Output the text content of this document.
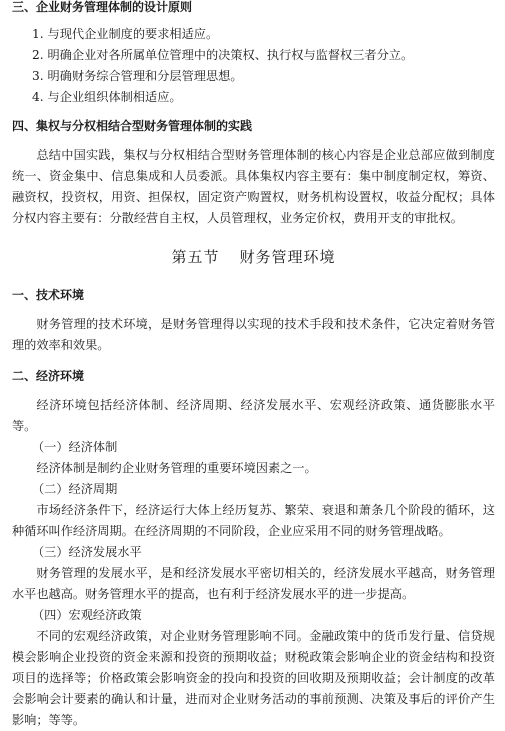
三、企业财务管理体制的设计原则

1. 与现代企业制度的要求相适应。

2. 明确企业对各所属单位管理中的决策权、执行权与监督权三者分立。

3. 明确财务综合管理和分层管理思想。

4. 与企业组织体制相适应。

四、集权与分权相结合型财务管理体制的实践

总结中国实践，集权与分权相结合型财务管理体制的核心内容是企业总部应做到制度统一、资金集中、信息集成和人员委派。具体集权内容主要有：集中制度制定权，筹资、融资权，投资权，用资、担保权，固定资产购置权，财务机构设置权，收益分配权；具体分权内容主要有：分散经营自主权，人员管理权，业务定价权，费用开支的审批权。

第五节 财务管理环境

一、技术环境

财务管理的技术环境，是财务管理得以实现的技术手段和技术条件，它决定着财务管理的效率和效果。

二、经济环境

经济环境包括经济体制、经济周期、经济发展水平、宏观经济政策、通货膨胀水平等。

（一）经济体制

经济体制是制约企业财务管理的重要环境因素之一。

（二）经济周期

市场经济条件下，经济运行大体上经历复苏、繁荣、衰退和萧条几个阶段的循环，这种循环叫作经济周期。在经济周期的不同阶段，企业应采用不同的财务管理战略。

（三）经济发展水平

财务管理的发展水平，是和经济发展水平密切相关的，经济发展水平越高，财务管理水平也越高。财务管理水平的提高，也有利于经济发展水平的进一步提高。

（四）宏观经济政策

不同的宏观经济政策，对企业财务管理影响不同。金融政策中的货币发行量、信贷规模会影响企业投资的资金来源和投资的预期收益；财税政策会影响企业的资金结构和投资项目的选择等；价格政策会影响资金的投向和投资的回收期及预期收益；会计制度的改革会影响会计要素的确认和计量，进而对企业财务活动的事前预测、决策及事后的评价产生影响；等等。
